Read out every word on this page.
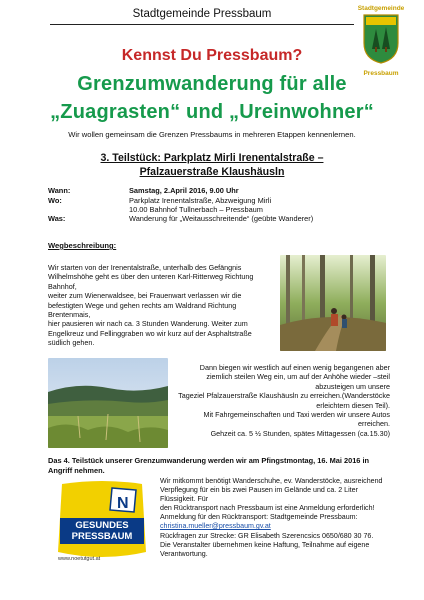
Stadtgemeinde Pressbaum	Stadtgemeinde
Pressbaum
Kennst Du Pressbaum?
Grenzumwanderung für alle
„Zuagrasten“ und „Ureinwohner“
Wir wollen gemeinsam die Grenzen Pressbaums in mehreren Etappen kennenlernen.
3. Teilstück: Parkplatz Mirli Irenentalstraße –
Pfalzauerstraße Klaushäusln
Wann:	Samstag, 2.April 2016, 9.00 Uhr
Wo:	Parkplatz Irenentalstraße, Abzweigung Mirli
10.00 Bahnhof Tullnerbach – Pressbaum
Was:	Wanderung für „Weitausschreitende“ (geübte Wanderer)
Wegbeschreibung:
Wir starten von der Irenentalstraße, unterhalb des Gefängnis
Wilhelmshöhe geht es über den unteren Karl-Ritterweg Richtung
Bahnhof,
weiter zum Wienerwaldsee, bei Frauenwart verlassen wir die
befestigten Wege und gehen rechts am Waldrand Richtung
Brentenmais,
hier pausieren wir nach ca. 3 Stunden Wanderung. Weiter zum
Engelkreuz und Fellinggraben wo wir kurz auf der Asphaltstraße
südlich gehen.
Dann biegen wir westlich auf einen wenig begangenen aber
ziemlich steilen Weg ein, um auf der Anhöhe wieder –steil
abzusteigen um unsere
Tageziel Pfalzauerstraße Klaushäusln zu erreichen.(Wanderstöcke
erleichtern diesen Teil).
Mit Fahrgemeinschaften und Taxi werden wir unsere Autos
erreichen.
Gehzeit ca. 5 ½ Stunden, spätes Mittagessen (ca.15.30)
Das 4. Teilstück unserer Grenzumwanderung werden wir am Pfingstmontag, 16. Mai 2016 in Angriff nehmen.
N
GESUNDES
PRESSBAUM
www.noetutgut.at
Wir mitkommt benötigt Wanderschuhe, ev. Wanderstöcke, ausreichend
Verpflegung für ein bis zwei Pausen im Gelände und ca. 2 Liter Flüssigkeit. Für
den Rücktransport nach Pressbaum ist eine Anmeldung erforderlich!
Anmeldung für den Rücktransport: Stadtgemeinde Pressbaum:
christina.mueller@pressbaum.gv.at
Rückfragen zur Strecke: GR Elisabeth Szerencsics 0650/680 30 76.
Die Veranstalter übernehmen keine Haftung, Teilnahme auf eigene
Verantwortung.
